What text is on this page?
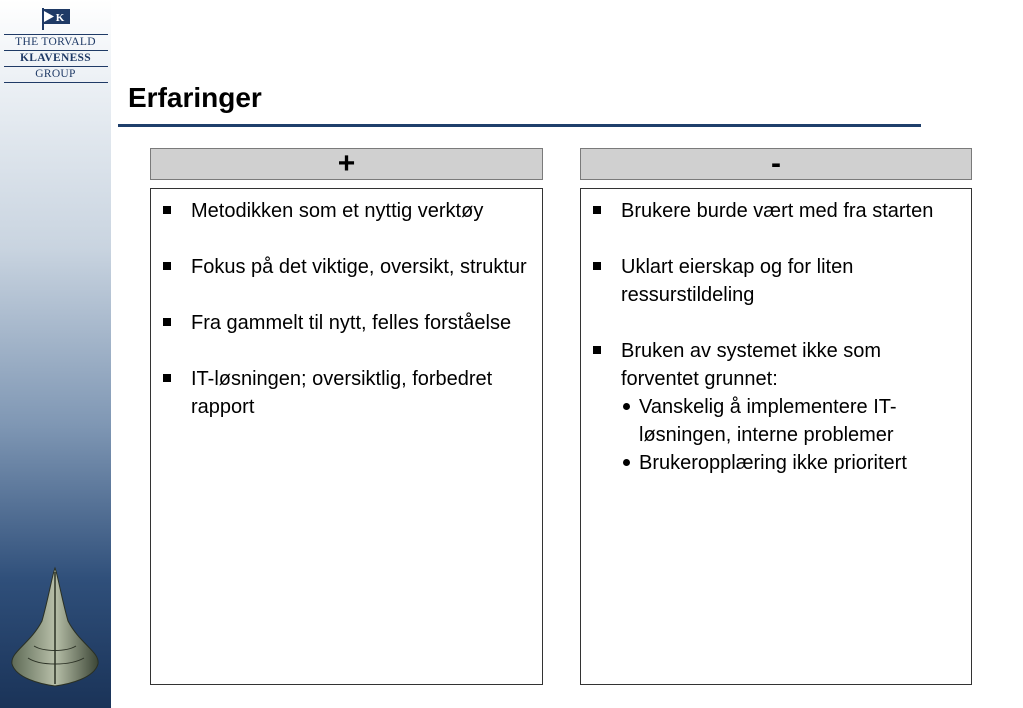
K
THE TORVALD
KLAVENESS
GROUP
Erfaringer
+	-
Metodikken som et nyttig verktøy
Fokus på det viktige, oversikt, struktur
Fra gammelt til nytt, felles forståelse
IT-løsningen; oversiktlig, forbedret rapport
Brukere burde vært med fra starten
Uklart eierskap og for liten ressurstildeling
Bruken av systemet ikke som forventet grunnet:
Vanskelig å implementere IT-løsningen, interne problemer
Brukeropplæring ikke prioritert
